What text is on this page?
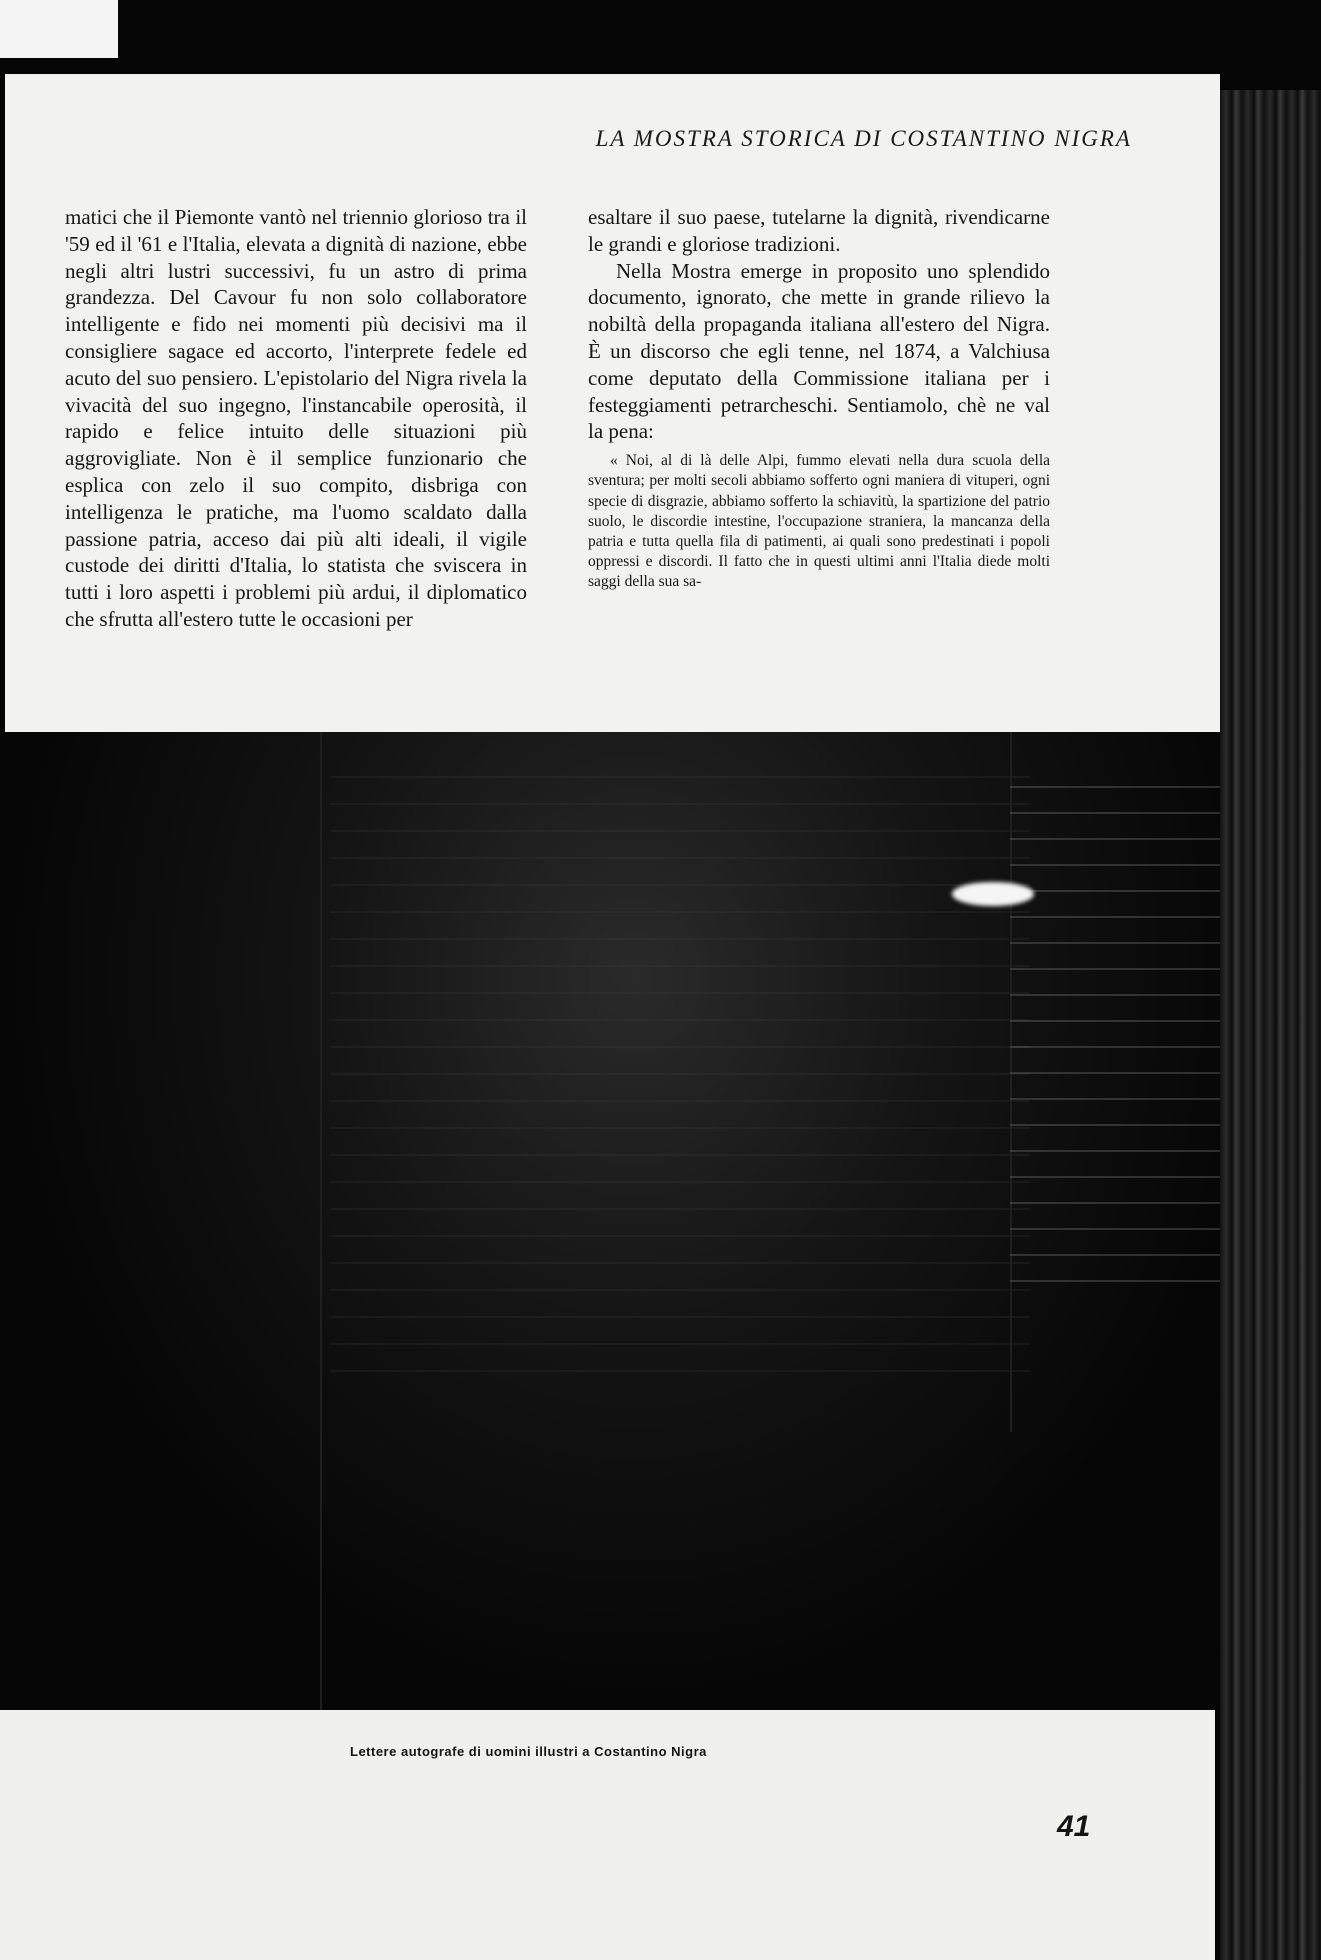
LA MOSTRA STORICA DI COSTANTINO NIGRA

matici che il Piemonte vantò nel triennio glorioso tra il '59 ed il '61 e l'Italia, elevata a dignità di nazione, ebbe negli altri lustri successivi, fu un astro di prima grandezza. Del Cavour fu non solo collaboratore intelligente e fido nei momenti più decisivi ma il consigliere sagace ed accorto, l'interprete fedele ed acuto del suo pensiero. L'epistolario del Nigra rivela la vivacità del suo ingegno, l'instancabile operosità, il rapido e felice intuito delle situazioni più aggrovigliate. Non è il semplice funzionario che esplica con zelo il suo compito, disbriga con intelligenza le pratiche, ma l'uomo scaldato dalla passione patria, acceso dai più alti ideali, il vigile custode dei diritti d'Italia, lo statista che sviscera in tutti i loro aspetti i problemi più ardui, il diplomatico che sfrutta all'estero tutte le occasioni per

esaltare il suo paese, tutelarne la dignità, rivendicarne le grandi e gloriose tradizioni.

Nella Mostra emerge in proposito uno splendido documento, ignorato, che mette in grande rilievo la nobiltà della propaganda italiana all'estero del Nigra. È un discorso che egli tenne, nel 1874, a Valchiusa come deputato della Commissione italiana per i festeggiamenti petrarcheschi. Sentiamolo, chè ne val la pena:

« Noi, al di là delle Alpi, fummo elevati nella dura scuola della sventura; per molti secoli abbiamo sofferto ogni maniera di vituperi, ogni specie di disgrazie, abbiamo sofferto la schiavitù, la spartizione del patrio suolo, le discordie intestine, l'occupazione straniera, la mancanza della patria e tutta quella fila di patimenti, ai quali sono predestinati i popoli oppressi e discordi. Il fatto che in questi ultimi anni l'Italia diede molti saggi della sua sa-

Lettere autografe di uomini illustri a Costantino Nigra

41
